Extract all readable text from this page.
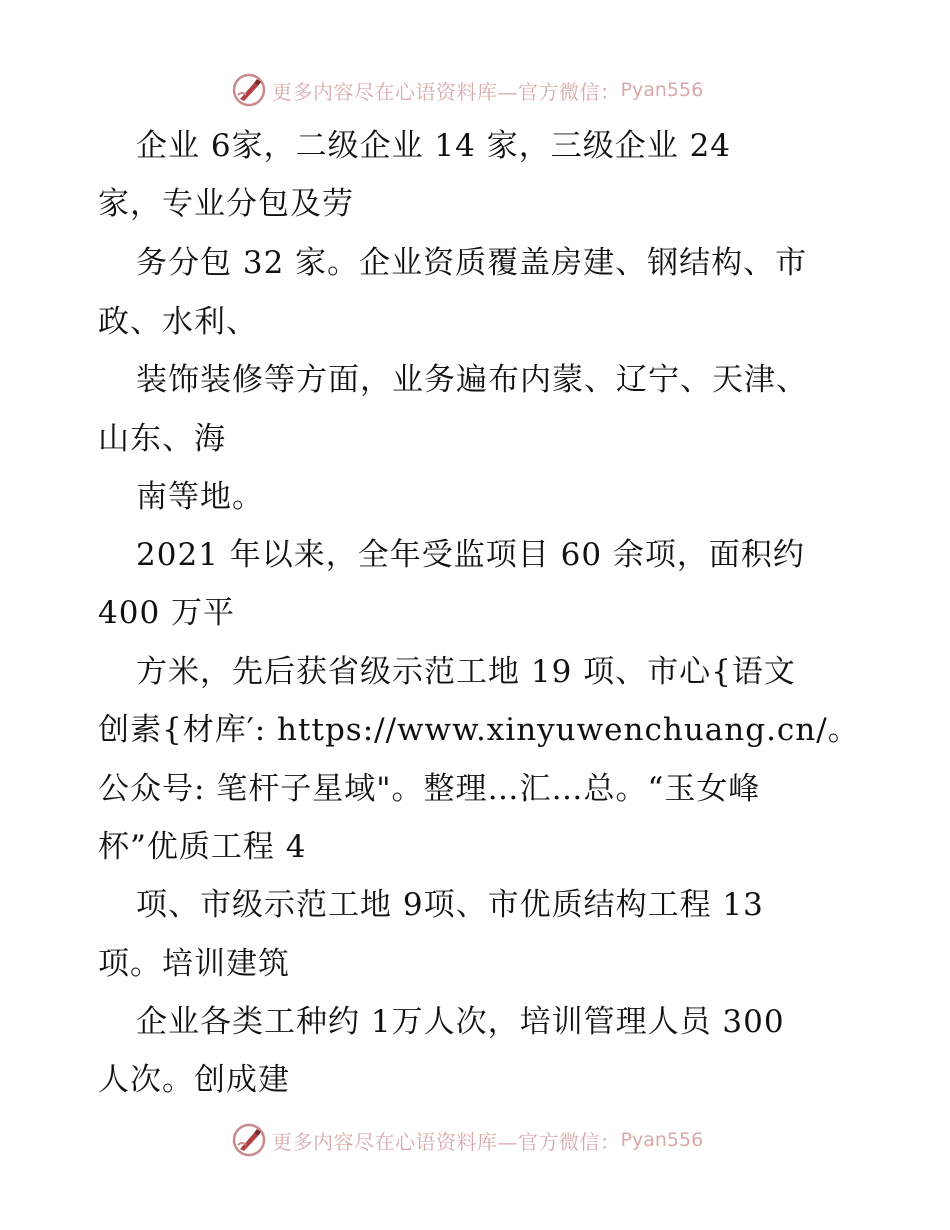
更多内容尽在心语资料库—官方微信： Pyan556
企业 6家，二级企业 14 家，三级企业 24
家，专业分包及劳
务分包 32 家。企业资质覆盖房建、钢结构、市
政、水利、
装饰装修等方面，业务遍布内蒙、辽宁、天津、
山东、海
南等地。
2021 年以来，全年受监项目 60 余项，面积约
400 万平
方米，先后获省级示范工地 19 项、市心{语文
创素{材库′: https://www.xinyuwenchuang.cn/。
公众号: 笔杆子星域"。整理…汇…总。“玉女峰
杯”优质工程 4
项、市级示范工地 9项、市优质结构工程 13
项。培训建筑
企业各类工种约 1万人次，培训管理人员 300
人次。创成建
更多内容尽在心语资料库—官方微信： Pyan556
